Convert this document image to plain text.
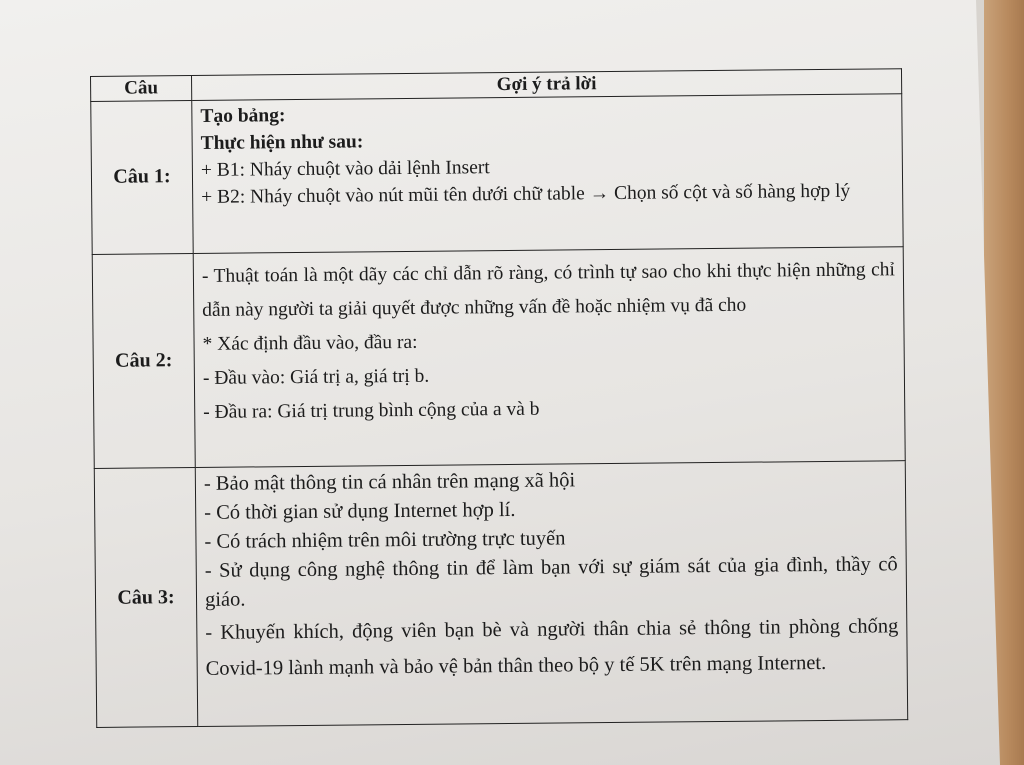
Câu	Gợi ý trả lời
Câu 1:	Tạo bảng:
Thực hiện như sau:
+ B1: Nháy chuột vào dải lệnh Insert
+ B2: Nháy chuột vào nút mũi tên dưới chữ table → Chọn số cột và số hàng hợp lý

Câu 2:	- Thuật toán là một dãy các chỉ dẫn rõ ràng, có trình tự sao cho khi thực hiện những chỉ dẫn này người ta giải quyết được những vấn đề hoặc nhiệm vụ đã cho
* Xác định đầu vào, đầu ra:
- Đầu vào: Giá trị a, giá trị b.
- Đầu ra: Giá trị trung bình cộng của a và b

Câu 3:	- Bảo mật thông tin cá nhân trên mạng xã hội
- Có thời gian sử dụng Internet hợp lí.
- Có trách nhiệm trên môi trường trực tuyến
- Sử dụng công nghệ thông tin để làm bạn với sự giám sát của gia đình, thầy cô giáo.
- Khuyến khích, động viên bạn bè và người thân chia sẻ thông tin phòng chống Covid-19 lành mạnh và bảo vệ bản thân theo bộ y tế 5K trên mạng Internet.
